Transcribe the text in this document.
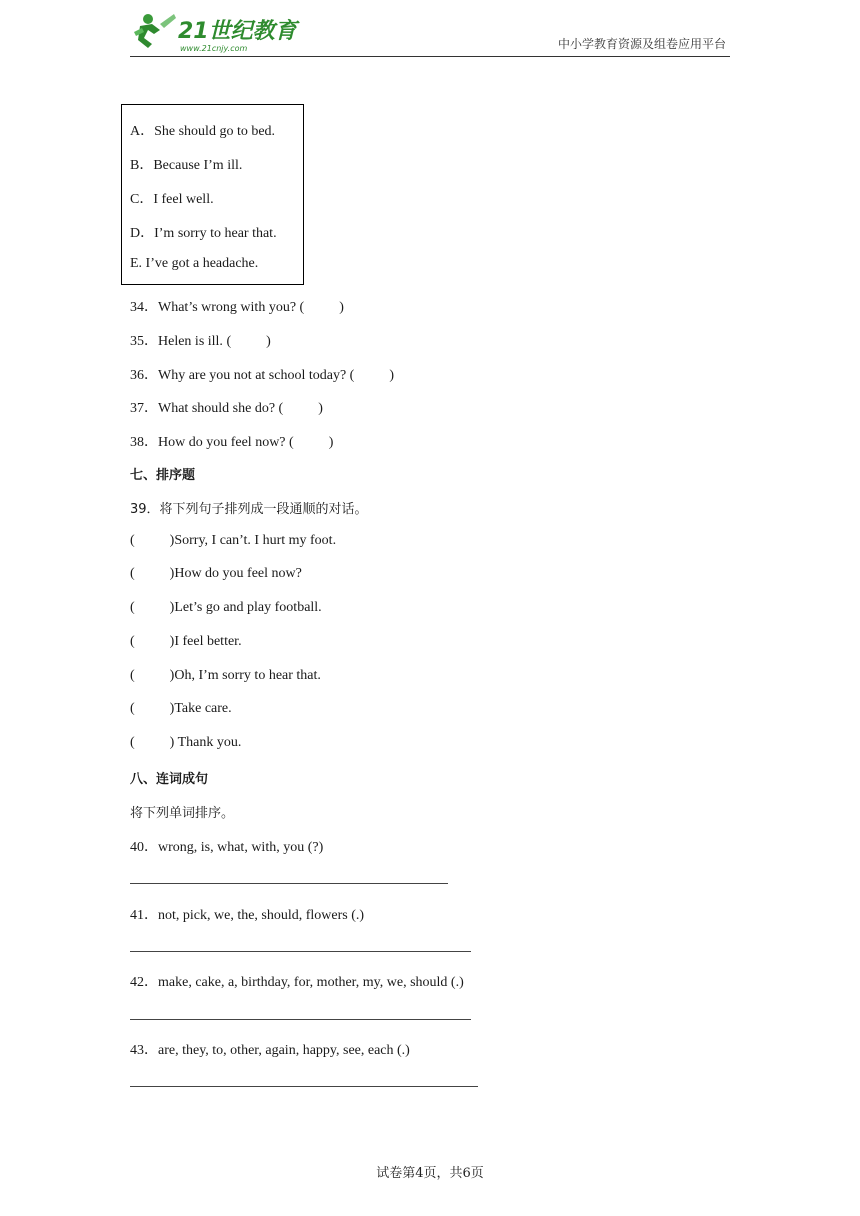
21世纪教育
www.21cnjy.com	中小学教育资源及组卷应用平台
A．She should go to bed.
B．Because I’m ill.
C．I feel well.
D．I’m sorry to hear that.
E. I’ve got a headache.
34．What’s wrong with you? (          )
35．Helen is ill. (          )
36．Why are you not at school today? (          )
37．What should she do? (          )
38．How do you feel now? (          )
七、排序题
39．将下列句子排列成一段通顺的对话。
(          )Sorry, I can’t. I hurt my foot.
(          )How do you feel now?
(          )Let’s go and play football.
(          )I feel better.
(          )Oh, I’m sorry to hear that.
(          )Take care.
(          ) Thank you.
八、连词成句
将下列单词排序。
40．wrong, is, what, with, you (?)
41．not, pick, we, the, should, flowers (.)
42．make, cake, a, birthday, for, mother, my, we, should (.)
43．are, they, to, other, again, happy, see, each (.)
试卷第4页，共6页
